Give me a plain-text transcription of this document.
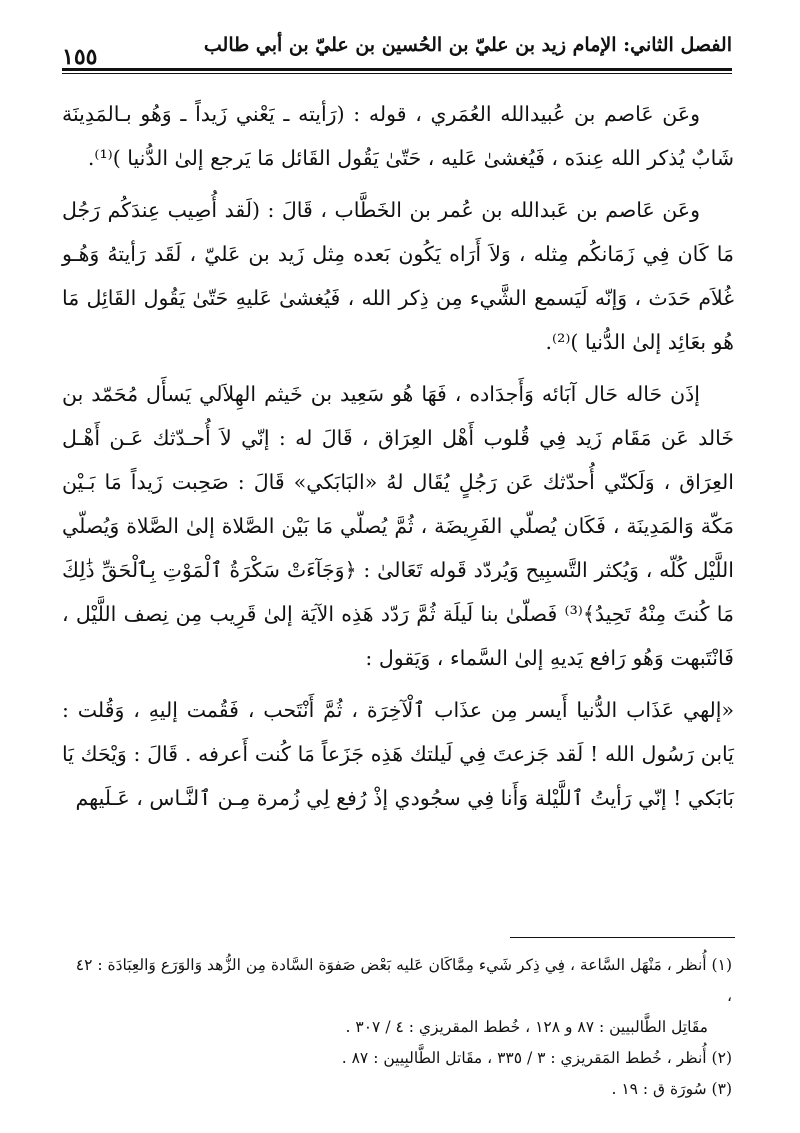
الفصل الثاني: الإمام زيد بن عليّ بن الحُسين بن عليّ بن أبي طالب
١٥٥

وعَن عَاصم بن عُبيدالله العُمَري ، قوله : (رَأيته ـ يَعْني زَيداً ـ وَهُو بـالمَدِينَة شَابٌ يُذكر الله عِندَه ، فَيُغشىٰ عَليه ، حَتّىٰ يَقُول القَائل مَا يَرجع إلىٰ الدُّنيا )⁽¹⁾.

وعَن عَاصم بن عَبدالله بن عُمر بن الخَطَّاب ، قَالَ : (لَقد أُصِيب عِندَكُم رَجُل مَا كَان فِي زَمَانكُم مِثله ، وَلاَ أَرَاه يَكُون بَعده مِثل زَيد بن عَليّ ، لَقَد رَأيتهُ وَهُـو غُلاَم حَدَث ، وَإنّه لَيَسمع الشَّيء مِن ذِكر الله ، فَيُغشىٰ عَليهِ حَتّىٰ يَقُول القَائِل مَا هُو بعَائِد إلىٰ الدُّنيا )⁽²⁾.

إذَن حَاله حَال آبَائه وَأَجدَاده ، فَهَا هُو سَعِيد بن خَيثم الهِلاَلي يَسأَل مُحَمّد بن خَالد عَن مَقَام زَيد فِي قُلوب أَهْل العِرَاق ، قَالَ له : إنّي لاَ أُحـدّثك عَـن أَهْـل العِرَاق ، وَلَكنّي أُحدّثك عَن رَجُلٍ يُقَال لهُ «البَابَكي» قَالَ : صَحِبت زَيداً مَا بَـيْن مَكّة وَالمَدِينَة ، فَكَان يُصلّي الفَرِيضَة ، ثُمَّ يُصلّي مَا بَيْن الصَّلاة إلىٰ الصَّلاة وَيُصلّي اللَّيْل كُلّه ، وَيُكثر التَّسبِيح وَيُردّد قَوله تَعَالىٰ : ﴿وَجَآءَتْ سَكْرَةُ ٱلْمَوْتِ بِٱلْحَقِّ ذَٰلِكَ مَا كُنتَ مِنْهُ تَحِيدُ﴾⁽³⁾ فَصلّىٰ بنا لَيلَة ثُمَّ رَدّد هَذِه الآيَة إلىٰ قَرِيب مِن نِصف اللَّيْل ، فَانْتَبهت وَهُو رَافع يَديهِ إلىٰ السَّماء ، وَيَقول :

«إلهي عَذَاب الدُّنيا أَيسر مِن عذَاب ٱلْآخِرَة ، ثُمَّ أَنْتَحب ، فَقُمت إليهِ ، وَقُلت : يَابن رَسُول الله ! لَقد جَزعتَ فِي لَيلتك هَذِه جَزَعاً مَا كُنت أَعرفه . قَالَ : وَيْحَك يَا بَابَكي ! إنّي رَأيتُ ٱللَّيْلة وَأَنا فِي سجُودي إذْ رُفع لِي زُمرة مِـن ٱلنَّـاس ، عَـلَيهم

(١) أُنظر ، مَنْهَل السَّاعة ، فِي ذِكر شَيء مِمَّاكَان عَليه بَعْض صَفوَة السَّادة مِن الزُّهد وَالوَرَع وَالعِبَادَة : ٤٢ ،

مقَاتِل الطَّالبيين : ٨٧ و ١٢٨ ، خُطط المقريزي : ٤ / ٣٠٧ .

(٢) أُنظر ، خُطط المَقريزي : ٣ / ٣٣٥ ، مقَاتل الطَّالبِيين : ٨٧ .

(٣) سُورَة ق : ١٩ .
